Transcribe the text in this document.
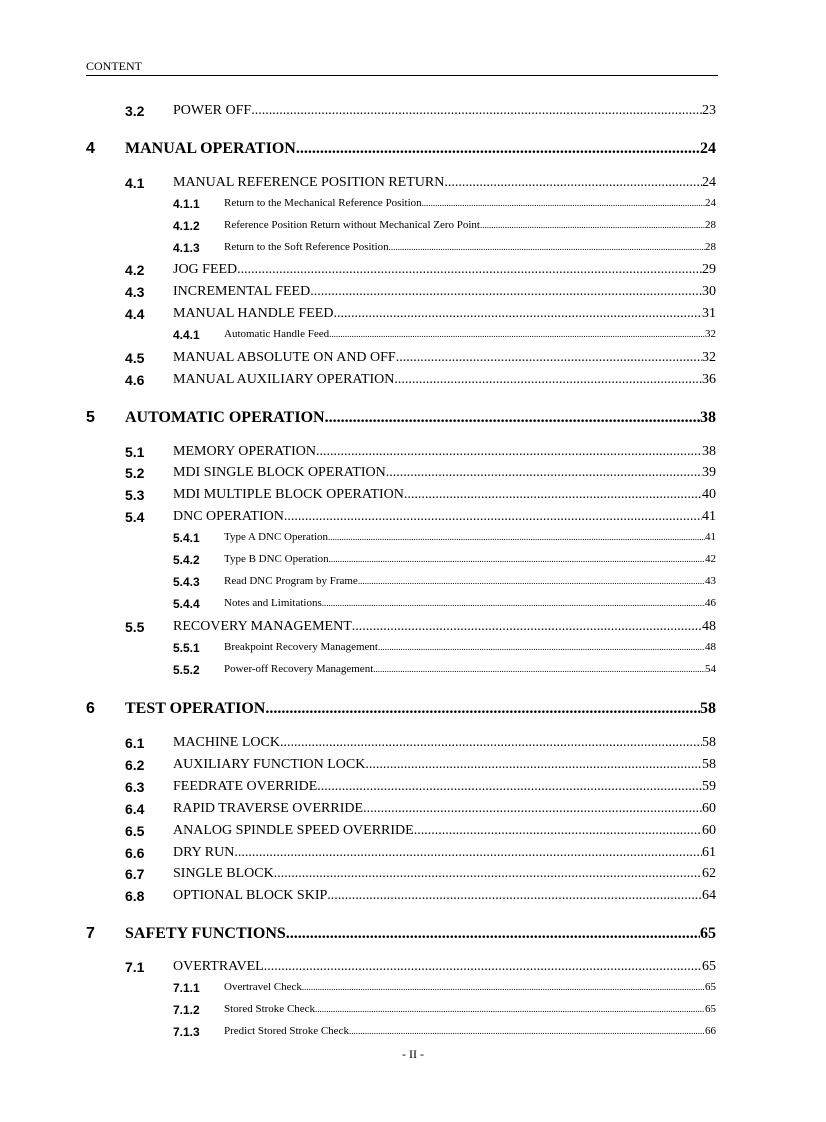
CONTENT
3.2 POWER OFF .....	23
4 MANUAL OPERATION .....	24
4.1 MANUAL REFERENCE POSITION RETURN .....	24
4.1.1 Return to the Mechanical Reference Position .....	24
4.1.2 Reference Position Return without Mechanical Zero Point .....	28
4.1.3 Return to the Soft Reference Position .....	28
4.2 JOG FEED .....	29
4.3 INCREMENTAL FEED .....	30
4.4 MANUAL HANDLE FEED .....	31
4.4.1 Automatic Handle Feed .....	32
4.5 MANUAL ABSOLUTE ON AND OFF .....	32
4.6 MANUAL AUXILIARY OPERATION .....	36
5 AUTOMATIC OPERATION .....	38
5.1 MEMORY OPERATION .....	38
5.2 MDI SINGLE BLOCK OPERATION .....	39
5.3 MDI MULTIPLE BLOCK OPERATION .....	40
5.4 DNC OPERATION .....	41
5.4.1 Type A DNC Operation .....	41
5.4.2 Type B DNC Operation .....	42
5.4.3 Read DNC Program by Frame .....	43
5.4.4 Notes and Limitations .....	46
5.5 RECOVERY MANAGEMENT .....	48
5.5.1 Breakpoint Recovery Management .....	48
5.5.2 Power-off Recovery Management .....	54
6 TEST OPERATION .....	58
6.1 MACHINE LOCK .....	58
6.2 AUXILIARY FUNCTION LOCK .....	58
6.3 FEEDRATE OVERRIDE .....	59
6.4 RAPID TRAVERSE OVERRIDE .....	60
6.5 ANALOG SPINDLE SPEED OVERRIDE .....	60
6.6 DRY RUN .....	61
6.7 SINGLE BLOCK .....	62
6.8 OPTIONAL BLOCK SKIP .....	64
7 SAFETY FUNCTIONS .....	65
7.1 OVERTRAVEL .....	65
7.1.1 Overtravel Check .....	65
7.1.2 Stored Stroke Check .....	65
7.1.3 Predict Stored Stroke Check .....	66
- II -
